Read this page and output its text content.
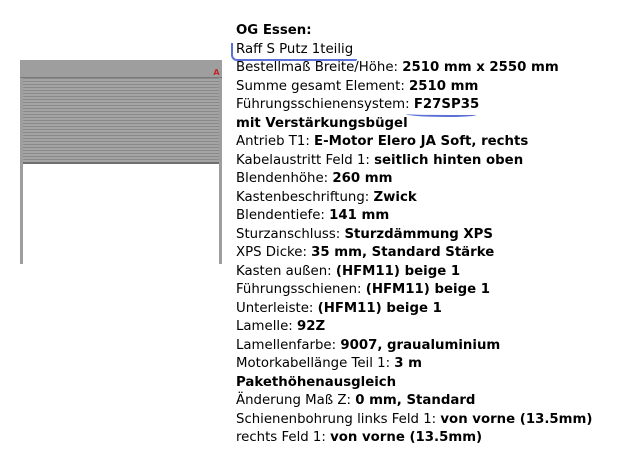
A
OG Essen:
Raff S Putz 1teilig
Bestellmaß Breite/Höhe: 2510 mm x 2550 mm
Summe gesamt Element: 2510 mm
Führungsschienensystem: F27SP35
mit Verstärkungsbügel
Antrieb T1: E-Motor Elero JA Soft, rechts
Kabelaustritt Feld 1: seitlich hinten oben
Blendenhöhe: 260 mm
Kastenbeschriftung: Zwick
Blendentiefe: 141 mm
Sturzanschluss: Sturzdämmung XPS
XPS Dicke: 35 mm, Standard Stärke
Kasten außen: (HFM11) beige 1
Führungsschienen: (HFM11) beige 1
Unterleiste: (HFM11) beige 1
Lamelle: 92Z
Lamellenfarbe: 9007, graualuminium
Motorkabellänge Teil 1: 3 m
Pakethöhenausgleich
Änderung Maß Z: 0 mm, Standard
Schienenbohrung links Feld 1: von vorne (13.5mm)
rechts Feld 1: von vorne (13.5mm)
